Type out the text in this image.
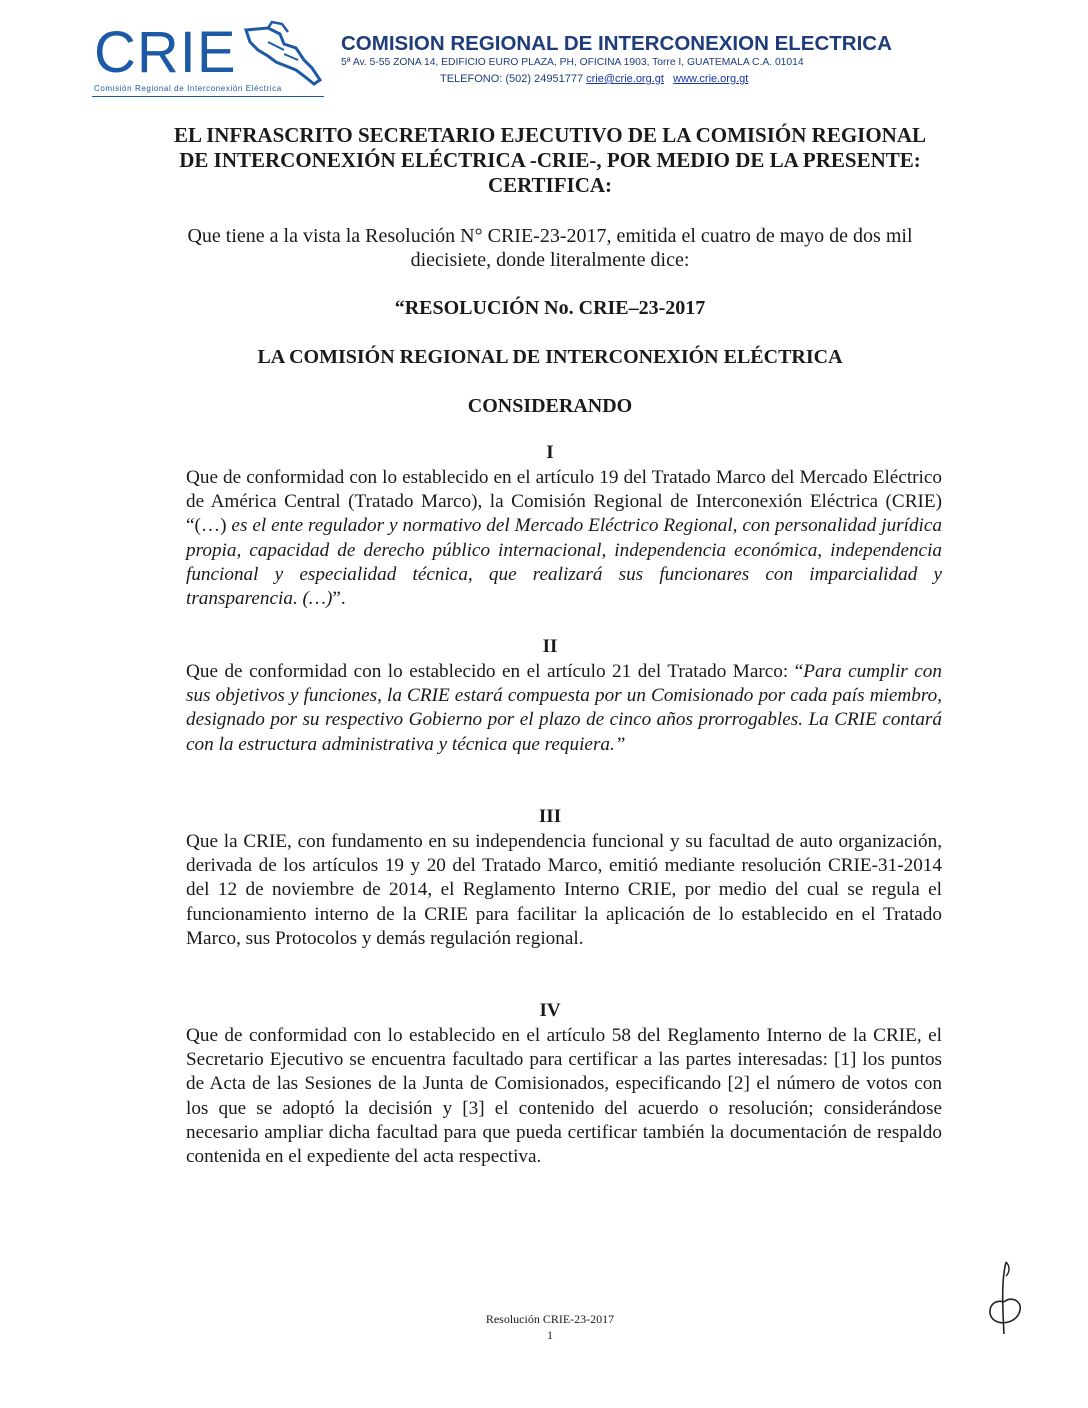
CRIE
Comisión Regional de Interconexión Eléctrica
COMISION REGIONAL DE INTERCONEXION ELECTRICA
5ª Av. 5-55 ZONA 14, EDIFICIO EURO PLAZA, PH, OFICINA 1903, Torre I, GUATEMALA C.A. 01014
TELEFONO: (502) 24951777 crie@crie.org.gt www.crie.org.gt
EL INFRASCRITO SECRETARIO EJECUTIVO DE LA COMISIÓN REGIONAL
DE INTERCONEXIÓN ELÉCTRICA -CRIE-, POR MEDIO DE LA PRESENTE:
CERTIFICA:
Que tiene a la vista la Resolución N° CRIE-23-2017, emitida el cuatro de mayo de dos mil
diecisiete, donde literalmente dice:
“RESOLUCIÓN No. CRIE–23-2017
LA COMISIÓN REGIONAL DE INTERCONEXIÓN ELÉCTRICA
CONSIDERANDO
I
Que de conformidad con lo establecido en el artículo 19 del Tratado Marco del Mercado Eléctrico de América Central (Tratado Marco), la Comisión Regional de Interconexión Eléctrica (CRIE) “(…) es el ente regulador y normativo del Mercado Eléctrico Regional, con personalidad jurídica propia, capacidad de derecho público internacional, independencia económica, independencia funcional y especialidad técnica, que realizará sus funcionares con imparcialidad y transparencia. (…)”.
II
Que de conformidad con lo establecido en el artículo 21 del Tratado Marco: “Para cumplir con sus objetivos y funciones, la CRIE estará compuesta por un Comisionado por cada país miembro, designado por su respectivo Gobierno por el plazo de cinco años prorrogables. La CRIE contará con la estructura administrativa y técnica que requiera.”
III
Que la CRIE, con fundamento en su independencia funcional y su facultad de auto organización, derivada de los artículos 19 y 20 del Tratado Marco, emitió mediante resolución CRIE-31-2014 del 12 de noviembre de 2014, el Reglamento Interno CRIE, por medio del cual se regula el funcionamiento interno de la CRIE para facilitar la aplicación de lo establecido en el Tratado Marco, sus Protocolos y demás regulación regional.
IV
Que de conformidad con lo establecido en el artículo 58 del Reglamento Interno de la CRIE, el Secretario Ejecutivo se encuentra facultado para certificar a las partes interesadas: [1] los puntos de Acta de las Sesiones de la Junta de Comisionados, especificando [2] el número de votos con los que se adoptó la decisión y [3] el contenido del acuerdo o resolución; considerándose necesario ampliar dicha facultad para que pueda certificar también la documentación de respaldo contenida en el expediente del acta respectiva.
Resolución CRIE-23-2017
1
